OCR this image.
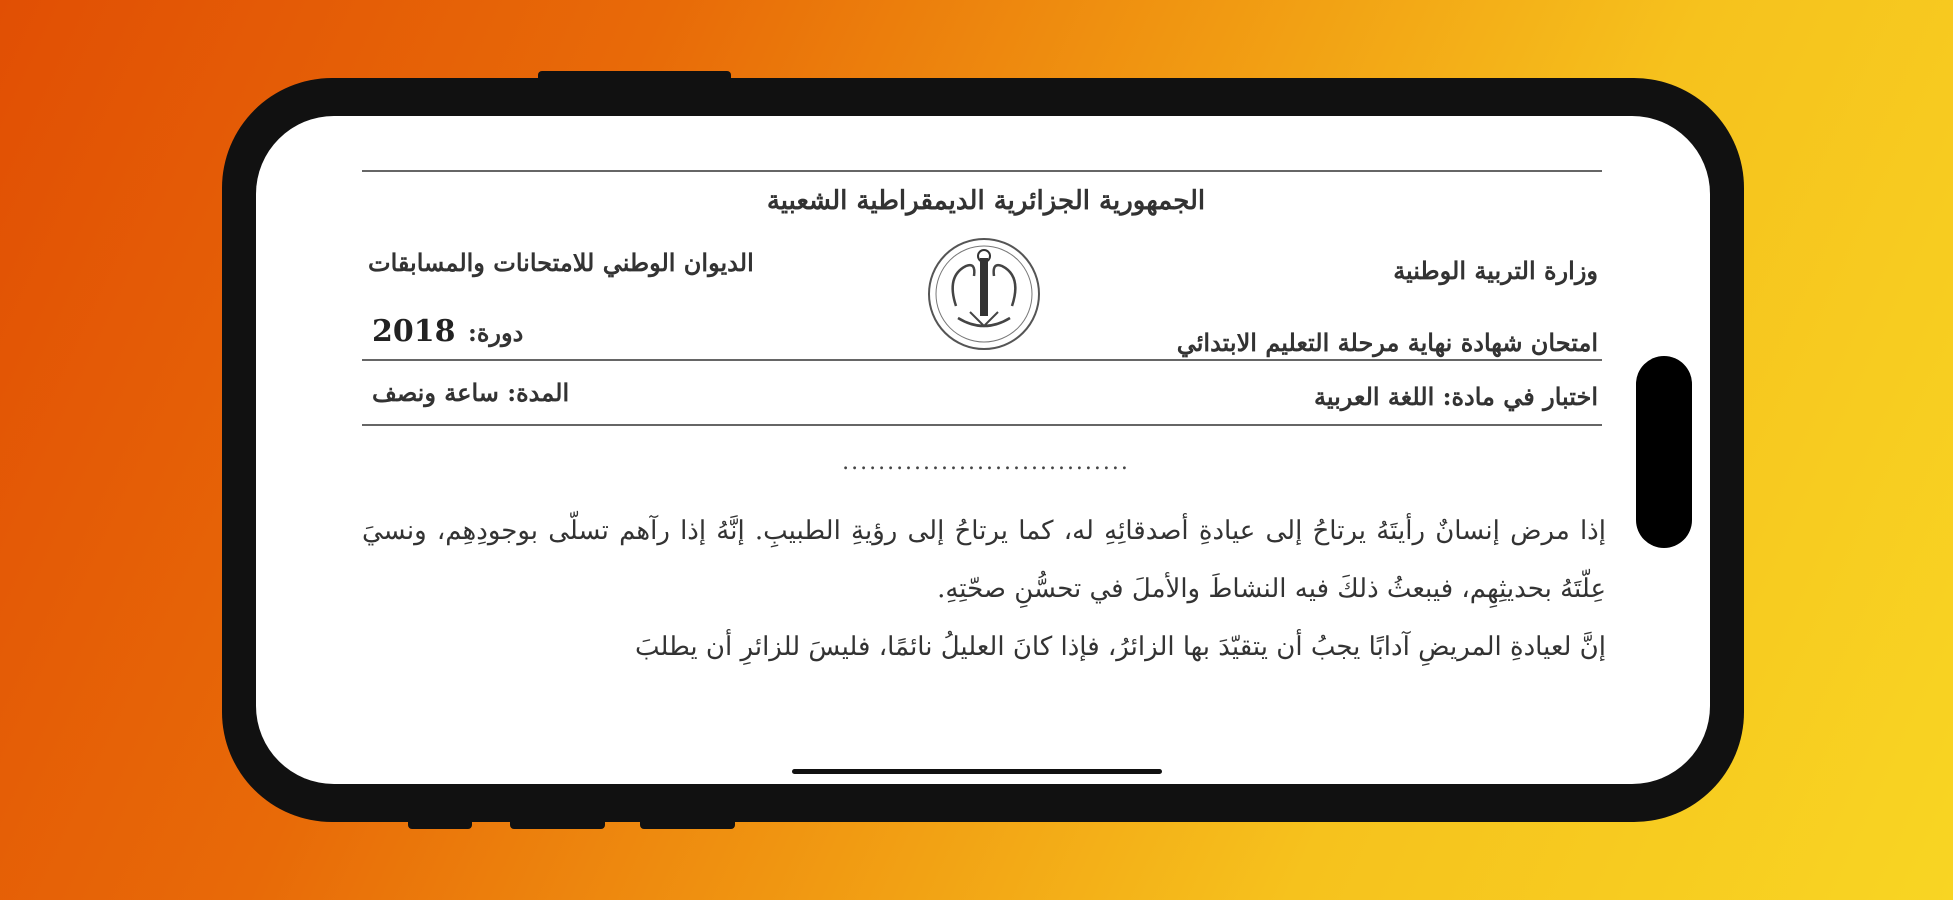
الجمهورية الجزائرية الديمقراطية الشعبية
وزارة التربية الوطنية
الديوان الوطني للامتحانات والمسابقات
امتحان شهادة نهاية مرحلة التعليم الابتدائي
دورة:
2018
اختبار في مادة: اللغة العربية
المدة: ساعة ونصف
................................
إذا مرض إنسانٌ رأيتَهُ يرتاحُ إلى عيادةِ أصدقائِهِ له، كما يرتاحُ إلى رؤيةِ الطبيبِ. إنَّهُ إذا رآهم تسلّى بوجودِهِم، ونسيَ عِلّتَهُ بحديثِهِم، فيبعثُ ذلكَ فيه النشاطَ والأملَ في تحسُّنِ صحّتِهِ.
إنَّ لعيادةِ المريضِ آدابًا يجبُ أن يتقيّدَ بها الزائرُ، فإذا كانَ العليلُ نائمًا، فليسَ للزائرِ أن يطلبَ
